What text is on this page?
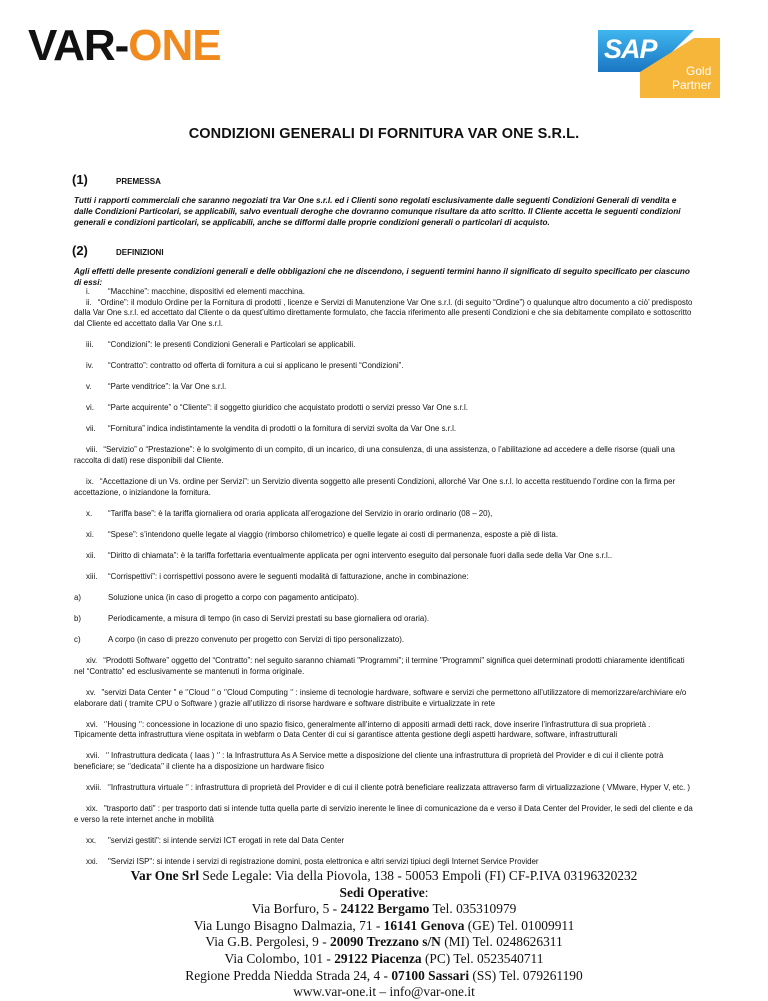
VAR-ONE	SAP
Gold
Partner
CONDIZIONI GENERALI DI FORNITURA VAR ONE S.R.L.
(1)	PREMESSA
Tutti i rapporti commerciali che saranno negoziati tra Var One s.r.l. ed i Clienti sono regolati esclusivamente dalle seguenti Condizioni Generali di vendita e dalle Condizioni Particolari, se applicabili, salvo eventuali deroghe che dovranno comunque risultare da atto scritto. Il Cliente accetta le seguenti condizioni generali e condizioni particolari, se applicabili, anche se difformi dalle proprie condizioni generali o particolari di acquisto.
(2)	DEFINIZIONI
Agli effetti delle presente condizioni generali e delle obbligazioni che ne discendono, i seguenti termini hanno il significato di seguito specificato per ciascuno di essi:
i. “Macchine”: macchine, dispositivi ed elementi macchina.
ii. “Ordine”: il modulo Ordine per la Fornitura di prodotti , licenze e Servizi di Manutenzione Var One s.r.l. (di seguito “Ordine”) o qualunque altro documento a ciò’ predisposto dalla Var One s.r.l. ed accettato dal Cliente o da quest’ultimo direttamente formulato, che faccia riferimento alle presenti Condizioni e che sia debitamente compilato e sottoscritto dal Cliente ed accettato dalla Var One s.r.l.
iii. “Condizioni”: le presenti Condizioni Generali e Particolari se applicabili.
iv. “Contratto”: contratto od offerta di fornitura a cui si applicano le presenti “Condizioni”.
v. “Parte venditrice”: la Var One s.r.l.
vi. “Parte acquirente” o “Cliente”: il soggetto giuridico che acquistato prodotti o servizi presso Var One s.r.l.
vii. “Fornitura” indica indistintamente la vendita di prodotti o la fornitura di servizi svolta da Var One s.r.l.
viii. “Servizio” o “Prestazione”: è lo svolgimento di un compito, di un incarico, di una consulenza, di una assistenza, o l’abilitazione ad accedere a delle risorse (quali una raccolta di dati) rese disponibili dal Cliente.
ix. “Accettazione di un Vs. ordine per Servizi”: un Servizio diventa soggetto alle presenti Condizioni, allorché Var One s.r.l. lo accetta restituendo l’ordine con la firma per accettazione, o iniziandone la fornitura.
x. “Tariffa base”: è la tariffa giornaliera od oraria applicata all’erogazione del Servizio in orario ordinario (08 – 20),
xi. “Spese”: s’intendono quelle legate al viaggio (rimborso chilometrico) e quelle legate ai costi di permanenza, esposte a piè di lista.
xii. “Diritto di chiamata”: è la tariffa forfettaria eventualmente applicata per ogni intervento eseguito dal personale fuori dalla sede della Var One s.r.l..
xiii. “Corrispettivi”: i corrispettivi possono avere le seguenti modalità di fatturazione, anche in combinazione:
a)	Soluzione unica (in caso di progetto a corpo con pagamento anticipato).
b)	Periodicamente, a misura di tempo (in caso di Servizi prestati su base giornaliera od oraria).
c)	A corpo (in caso di prezzo convenuto per progetto con Servizi di tipo personalizzato).
xiv. “Prodotti Software” oggetto del “Contratto”: nel seguito saranno chiamati "Programmi"; il termine "Programmi" significa quei determinati prodotti chiaramente identificati nel “Contratto” ed esclusivamente se mantenuti in forma originale.
xv. "servizi Data Center " e ‘’Cloud ‘’ o ‘’Cloud Computing ‘’ : insieme di tecnologie hardware, software e servizi che permettono all’utilizzatore di memorizzare/archiviare e/o elaborare dati ( tramite CPU o Software ) grazie all’utilizzo di risorse hardware e software distribuite e virtualizzate in rete
xvi. ‘’Housing ‘’: concessione in locazione di uno spazio fisico, generalmente all’interno di appositi armadi detti rack, dove inserire l’infrastruttura di sua proprietà . Tipicamente detta infrastruttura viene ospitata in webfarm o Data Center di cui si garantisce attenta gestione degli aspetti hardware, software, infrastrutturali
xvii. ‘’ Infrastruttura dedicata ( Iaas ) ‘’ : la Infrastruttura As A Service mette a disposizione del cliente una infrastruttura di proprietà del Provider e di cui il cliente potrà beneficiare; se ‘’dedicata’’ il cliente ha a disposizione un hardware fisico
xviii. ‘’Infrastruttura virtuale ‘’ : infrastruttura di proprietà del Provider e di cui il cliente potrà beneficiare realizzata attraverso farm di virtualizzazione ( VMware, Hyper V, etc. )
xix. "trasporto dati" : per trasporto dati si intende tutta quella parte di servizio inerente le linee di comunicazione da e verso il Data Center del Provider, le sedi del cliente e da e verso la rete internet anche in mobilità
xx. "servizi gestiti": si intende servizi ICT erogati in rete dal Data Center
xxi. "Servizi ISP": si intende i servizi di registrazione domini, posta elettronica e altri servizi tipiuci degli Internet Service Provider
Var One Srl Sede Legale: Via della Piovola, 138 - 50053 Empoli (FI) CF-P.IVA 03196320232
Sedi Operative:
Via Borfuro, 5 - 24122 Bergamo Tel. 035310979
Via Lungo Bisagno Dalmazia, 71 - 16141 Genova (GE) Tel. 01009911
Via G.B. Pergolesi, 9 - 20090 Trezzano s/N (MI) Tel. 0248626311
Via Colombo, 101 - 29122 Piacenza (PC) Tel. 0523540711
Regione Predda Niedda Strada 24, 4 - 07100 Sassari (SS) Tel. 079261190
www.var-one.it – info@var-one.it
